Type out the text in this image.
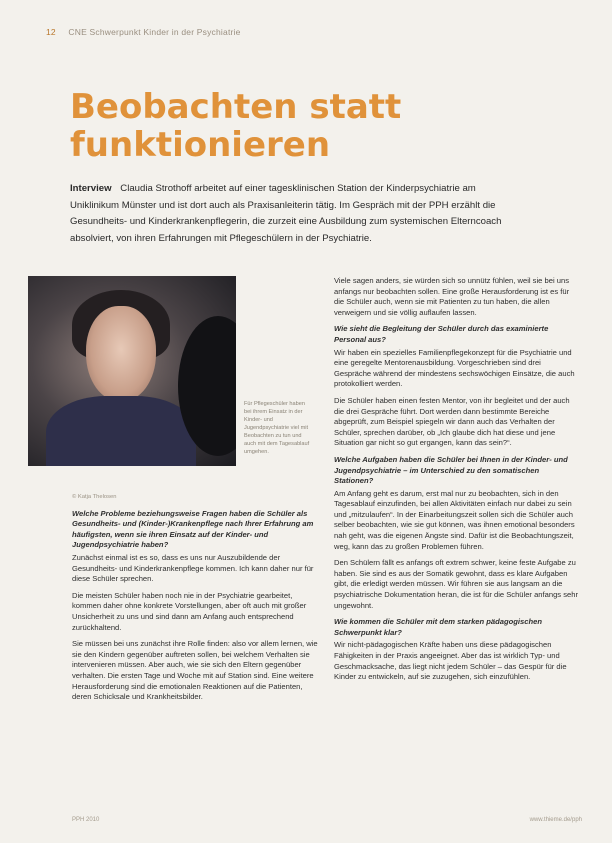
12 CNE Schwerpunkt Kinder in der Psychiatrie
Beobachten statt
funktionieren
Interview Claudia Strothoff arbeitet auf einer tagesklinischen Station der Kinderpsychiatrie am Uniklinikum Münster und ist dort auch als Praxisanleiterin tätig. Im Gespräch mit der PPH erzählt die Gesundheits- und Kinderkrankenpflegerin, die zurzeit eine Ausbildung zum systemischen Elterncoach absolviert, von ihren Erfahrungen mit Pflegeschülern in der Psychiatrie.
Für Pflegeschüler haben bei ihrem Einsatz in der Kinder- und Jugendpsychiatrie viel mit Beobachten zu tun und auch mit dem Tagesablauf umgehen.

© Katja Thelosen

Welche Probleme beziehungsweise Fragen haben die Schüler als Gesundheits- und (Kinder-)Krankenpflege nach Ihrer Erfahrung am häufigsten, wenn sie ihren Einsatz auf der Kinder- und Jugendpsychiatrie haben?

Zunächst einmal ist es so, dass es uns nur Auszubildende der Gesundheits- und Kinderkrankenpflege kommen. Ich kann daher nur für diese Schüler sprechen.

Die meisten Schüler haben noch nie in der Psychiatrie gearbeitet, kommen daher ohne konkrete Vorstellungen, aber oft auch mit großer Unsicherheit zu uns und sind dann am Anfang auch entsprechend zurückhaltend.

Sie müssen bei uns zunächst ihre Rolle finden: also vor allem lernen, wie sie den Kindern gegenüber auftreten sollen, bei welchem Verhalten sie intervenieren müssen. Aber auch, wie sie sich den Eltern gegenüber verhalten. Die ersten Tage und Woche mit auf Station sind. Eine weitere Herausforderung sind die emotionalen Reaktionen auf die Patienten, deren Schicksale und Krankheitsbilder.

Viele sagen anders, sie würden sich so unnütz fühlen, weil sie bei uns anfangs nur beobachten sollen. Eine große Herausforderung ist es für die Schüler auch, wenn sie mit Patienten zu tun haben, die allen verweigern und sie völlig auflaufen lassen.

Wie sieht die Begleitung der Schüler durch das examinierte Personal aus?

Wir haben ein spezielles Familienpflegekonzept für die Psychiatrie und eine geregelte Mentorenausbildung. Vorgeschrieben sind drei Gespräche während der mindestens sechswöchigen Einsätze, die auch protokolliert werden.

Die Schüler haben einen festen Mentor, von ihr begleitet und der auch die drei Gespräche führt. Dort werden dann bestimmte Bereiche abgeprüft, zum Beispiel spiegeln wir dann auch das Verhalten der Schüler, sprechen darüber, ob „Ich glaube dich hat diese und jene Situation gar nicht so gut ergangen, kann das sein?“.

Welche Aufgaben haben die Schüler bei Ihnen in der Kinder- und Jugendpsychiatrie – im Unterschied zu den somatischen Stationen?

Am Anfang geht es darum, erst mal nur zu beobachten, sich in den Tagesablauf einzufinden, bei allen Aktivitäten einfach nur dabei zu sein und „mitzulaufen“. In der Einarbeitungszeit sollen sich die Schüler auch selber beobachten, wie sie gut können, was ihnen emotional besonders nah geht, was die eigenen Ängste sind. Dafür ist die Beobachtungszeit, weg, kann das zu großen Problemen führen.

Den Schülern fällt es anfangs oft extrem schwer, keine feste Aufgabe zu haben. Sie sind es aus der Somatik gewohnt, dass es klare Aufgaben gibt, die erledigt werden müssen. Wir führen sie aus langsam an die psychiatrische Dokumentation heran, die ist für die Schüler anfangs sehr ungewohnt.

Wie kommen die Schüler mit dem starken pädagogischen Schwerpunkt klar?

Wir nicht-pädagogischen Kräfte haben uns diese pädagogischen Fähigkeiten in der Praxis angeeignet. Aber das ist wirklich Typ- und Geschmacksache, das liegt nicht jedem Schüler – das Gespür für die Kinder zu entwickeln, auf sie zuzugehen, sich einzufühlen.

PPH 2010	www.thieme.de/pph
